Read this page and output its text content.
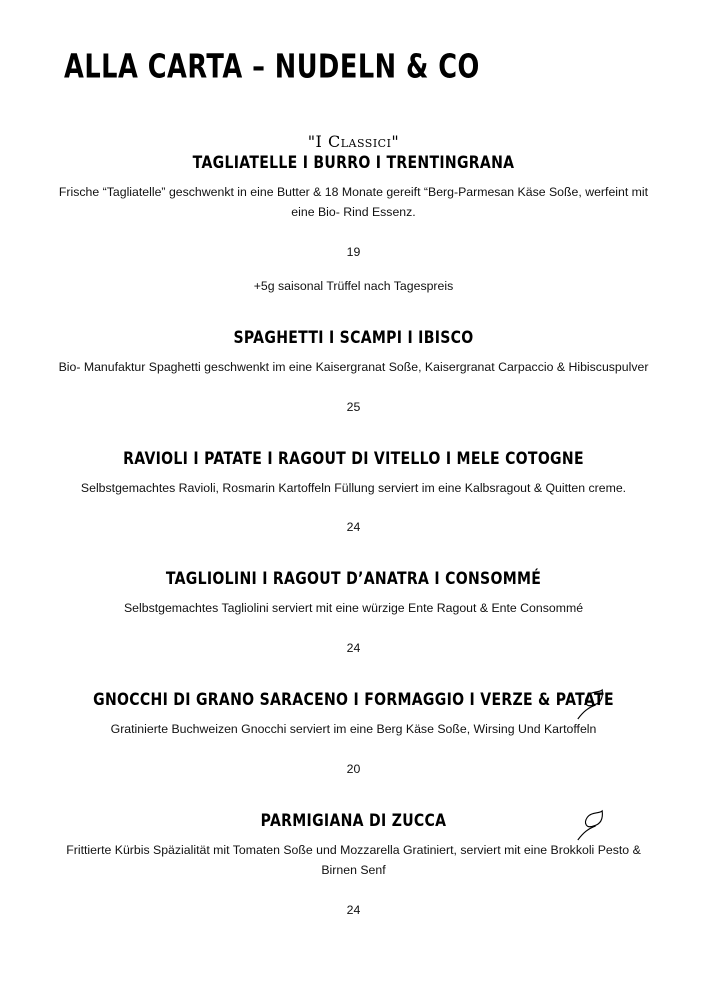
ALLA CARTA – NUDELN & CO
"I Classici"
TAGLIATELLE I BURRO I TRENTINGRANA
Frische “Tagliatelle” geschwenkt in eine Butter & 18 Monate gereift “Berg-Parmesan Käse Soße, werfeint mit eine Bio- Rind Essenz.
19
+5g saisonal Trüffel nach Tagespreis
SPAGHETTI I SCAMPI I IBISCO
Bio- Manufaktur Spaghetti geschwenkt im eine Kaisergranat Soße, Kaisergranat Carpaccio & Hibiscuspulver
25
RAVIOLI I PATATE I RAGOUT DI VITELLO I MELE COTOGNE
Selbstgemachtes Ravioli, Rosmarin Kartoffeln Füllung serviert im eine Kalbsragout & Quitten creme.
24
TAGLIOLINI I RAGOUT D’ANATRA I CONSOMMÉ
Selbstgemachtes Tagliolini serviert mit eine würzige Ente Ragout & Ente Consommé
24
GNOCCHI DI GRANO SARACENO I FORMAGGIO I VERZE & PATATE
Gratinierte Buchweizen Gnocchi serviert im eine Berg Käse Soße, Wirsing Und Kartoffeln
20
PARMIGIANA DI ZUCCA
Frittierte Kürbis Späzialität mit Tomaten Soße und Mozzarella Gratiniert, serviert mit eine Brokkoli Pesto & Birnen Senf
24
